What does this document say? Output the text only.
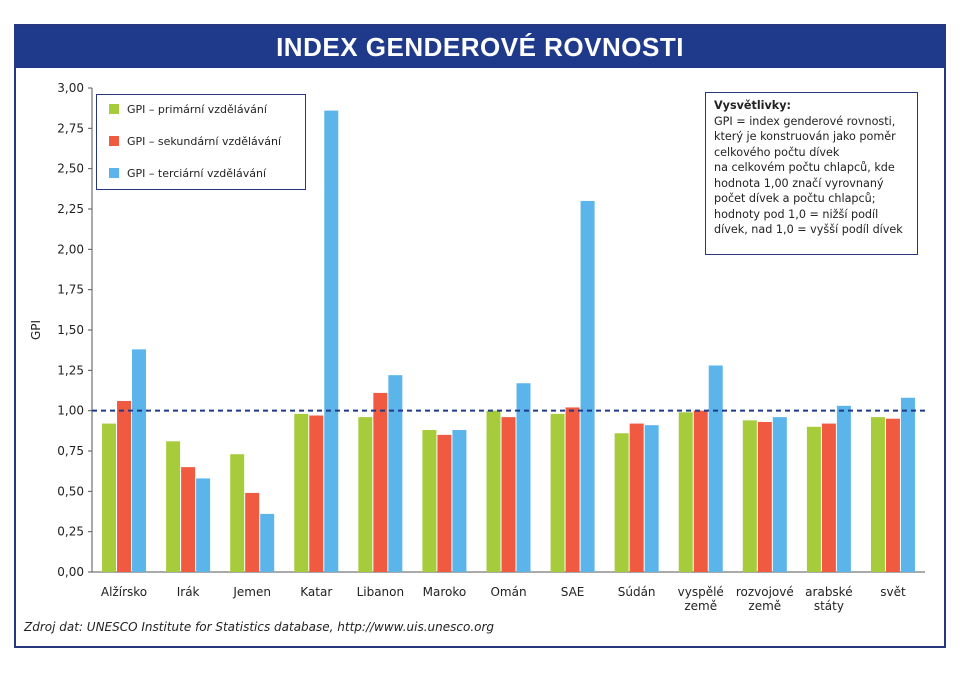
INDEX GENDEROVÉ ROVNOSTI
0,00
0,25
0,50
0,75
1,00
1,25
1,50
1,75
2,00
2,25
2,50
2,75
3,00
GPI
Alžírsko Irák	Jemen Katar Libanon Maroko Omán	SAE	Súdán vyspělé
země
rozvojové
země
arabské
státy
svět
GPI – primární vzdělávání
GPI – sekundární vzdělávání
GPI – terciární vzdělávání
Vysvětlivky:
GPI = index genderové rovnosti,
který je konstruován jako poměr
celkového počtu dívek
na celkovém počtu chlapců, kde
hodnota 1,00 značí vyrovnaný
počet dívek a počtu chlapců;
hodnoty pod 1,0 = nižší podíl
dívek, nad 1,0 = vyšší podíl dívek
Zdroj dat: UNESCO Institute for Statistics database, http://www.uis.unesco.org
